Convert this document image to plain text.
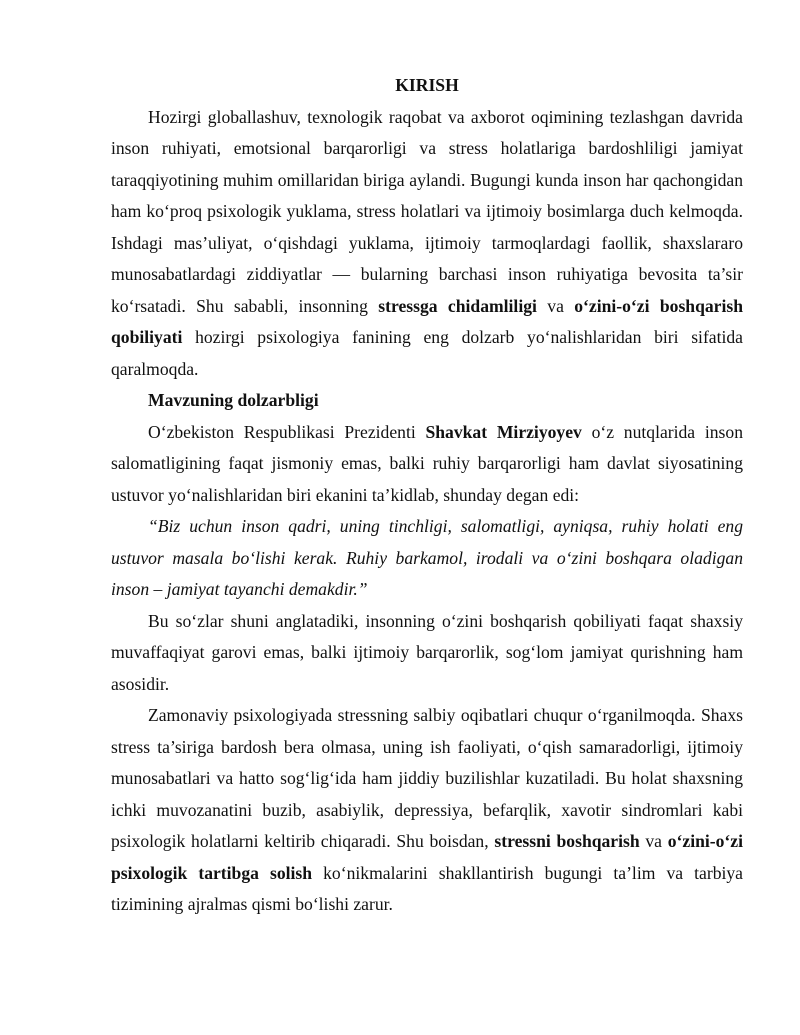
KIRISH

Hozirgi globallashuv, texnologik raqobat va axborot oqimining tezlashgan davrida inson ruhiyati, emotsional barqarorligi va stress holatlariga bardoshliligi jamiyat taraqqiyotining muhim omillaridan biriga aylandi. Bugungi kunda inson har qachongidan ham ko‘proq psixologik yuklama, stress holatlari va ijtimoiy bosimlarga duch kelmoqda. Ishdagi mas’uliyat, o‘qishdagi yuklama, ijtimoiy tarmoqlardagi faollik, shaxslararo munosabatlardagi ziddiyatlar — bularning barchasi inson ruhiyatiga bevosita ta’sir ko‘rsatadi. Shu sababli, insonning stressga chidamliligi va o‘zini-o‘zi boshqarish qobiliyati hozirgi psixologiya fanining eng dolzarb yo‘nalishlaridan biri sifatida qaralmoqda.

Mavzuning dolzarbligi

O‘zbekiston Respublikasi Prezidenti Shavkat Mirziyoyev o‘z nutqlarida inson salomatligining faqat jismoniy emas, balki ruhiy barqarorligi ham davlat siyosatining ustuvor yo‘nalishlaridan biri ekanini ta’kidlab, shunday degan edi:

“Biz uchun inson qadri, uning tinchligi, salomatligi, ayniqsa, ruhiy holati eng ustuvor masala bo‘lishi kerak. Ruhiy barkamol, irodali va o‘zini boshqara oladigan inson – jamiyat tayanchi demakdir.”

Bu so‘zlar shuni anglatadiki, insonning o‘zini boshqarish qobiliyati faqat shaxsiy muvaffaqiyat garovi emas, balki ijtimoiy barqarorlik, sog‘lom jamiyat qurishning ham asosidir.

Zamonaviy psixologiyada stressning salbiy oqibatlari chuqur o‘rganilmoqda. Shaxs stress ta’siriga bardosh bera olmasa, uning ish faoliyati, o‘qish samaradorligi, ijtimoiy munosabatlari va hatto sog‘lig‘ida ham jiddiy buzilishlar kuzatiladi. Bu holat shaxsning ichki muvozanatini buzib, asabiylik, depressiya, befarqlik, xavotir sindromlari kabi psixologik holatlarni keltirib chiqaradi. Shu boisdan, stressni boshqarish va o‘zini-o‘zi psixologik tartibga solish ko‘nikmalarini shakllantirish bugungi ta’lim va tarbiya tizimining ajralmas qismi bo‘lishi zarur.
